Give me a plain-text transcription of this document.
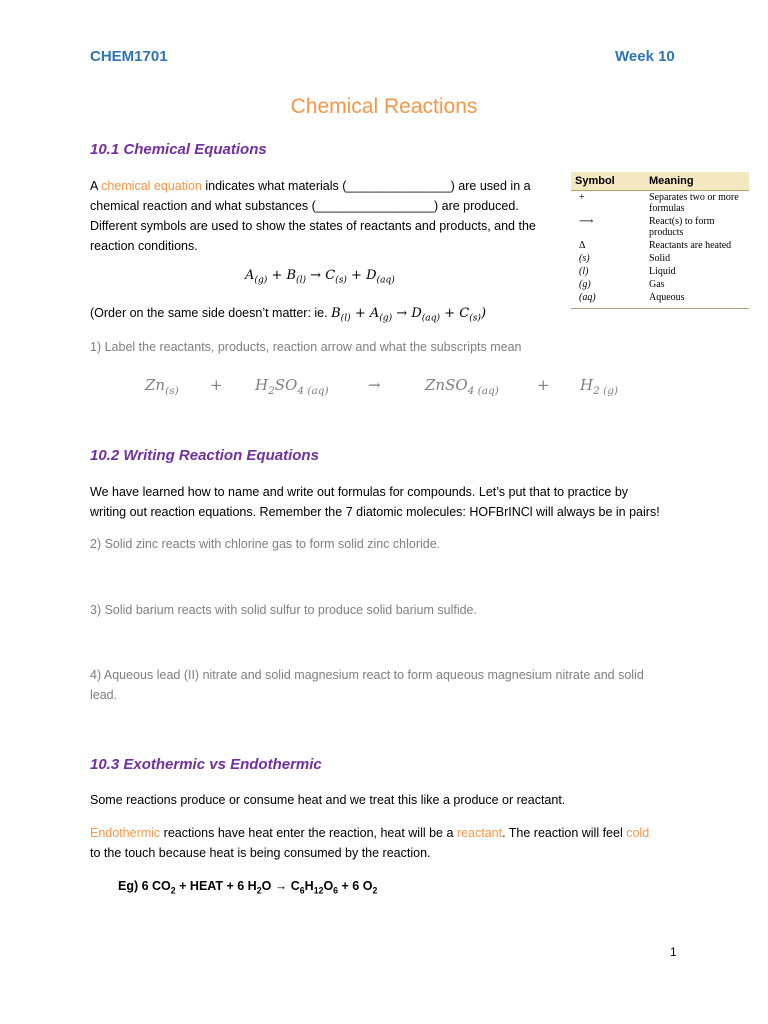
CHEM1701	Week 10
Chemical Reactions
10.1 Chemical Equations
A chemical equation indicates what materials (_______________) are used in a
chemical reaction and what substances (_________________) are produced.
Different symbols are used to show the states of reactants and products, and the
reaction conditions.
$A_{(g)} + B_{(l)} \to C_{(s)} + D_{(aq)}$
(Order on the same side doesn’t matter: ie. $B_{(l)} + A_{(g)} \to D_{(aq)} + C_{(s)}$)
1) Label the reactants, products, reaction arrow and what the subscripts mean
$Zn_{(s)} + H_2SO_{4 (aq)}$	→	ZnSO$_{4 (aq)}$	+ $H_{2 (g)}$
Symbol	Meaning
+	Separates two or more formulas
⟶	React(s) to form products
Δ	Reactants are heated
(s)	Solid
(l)	Liquid
(g)	Gas
(aq)	Aqueous
10.2 Writing Reaction Equations
We have learned how to name and write out formulas for compounds. Let’s put that to practice by
writing out reaction equations. Remember the 7 diatomic molecules: HOFBrINCl will always be in pairs!
2) Solid zinc reacts with chlorine gas to form solid zinc chloride.
3) Solid barium reacts with solid sulfur to produce solid barium sulfide.
4) Aqueous lead (II) nitrate and solid magnesium react to form aqueous magnesium nitrate and solid
lead.
10.3 Exothermic vs Endothermic
Some reactions produce or consume heat and we treat this like a produce or reactant.
Endothermic reactions have heat enter the reaction, heat will be a reactant. The reaction will feel cold
to the touch because heat is being consumed by the reaction.
Eg) 6 $CO_2$ + HEAT + 6 $H_2O \to C_6H_{12}O_6 + 6$ $O_2$
1
